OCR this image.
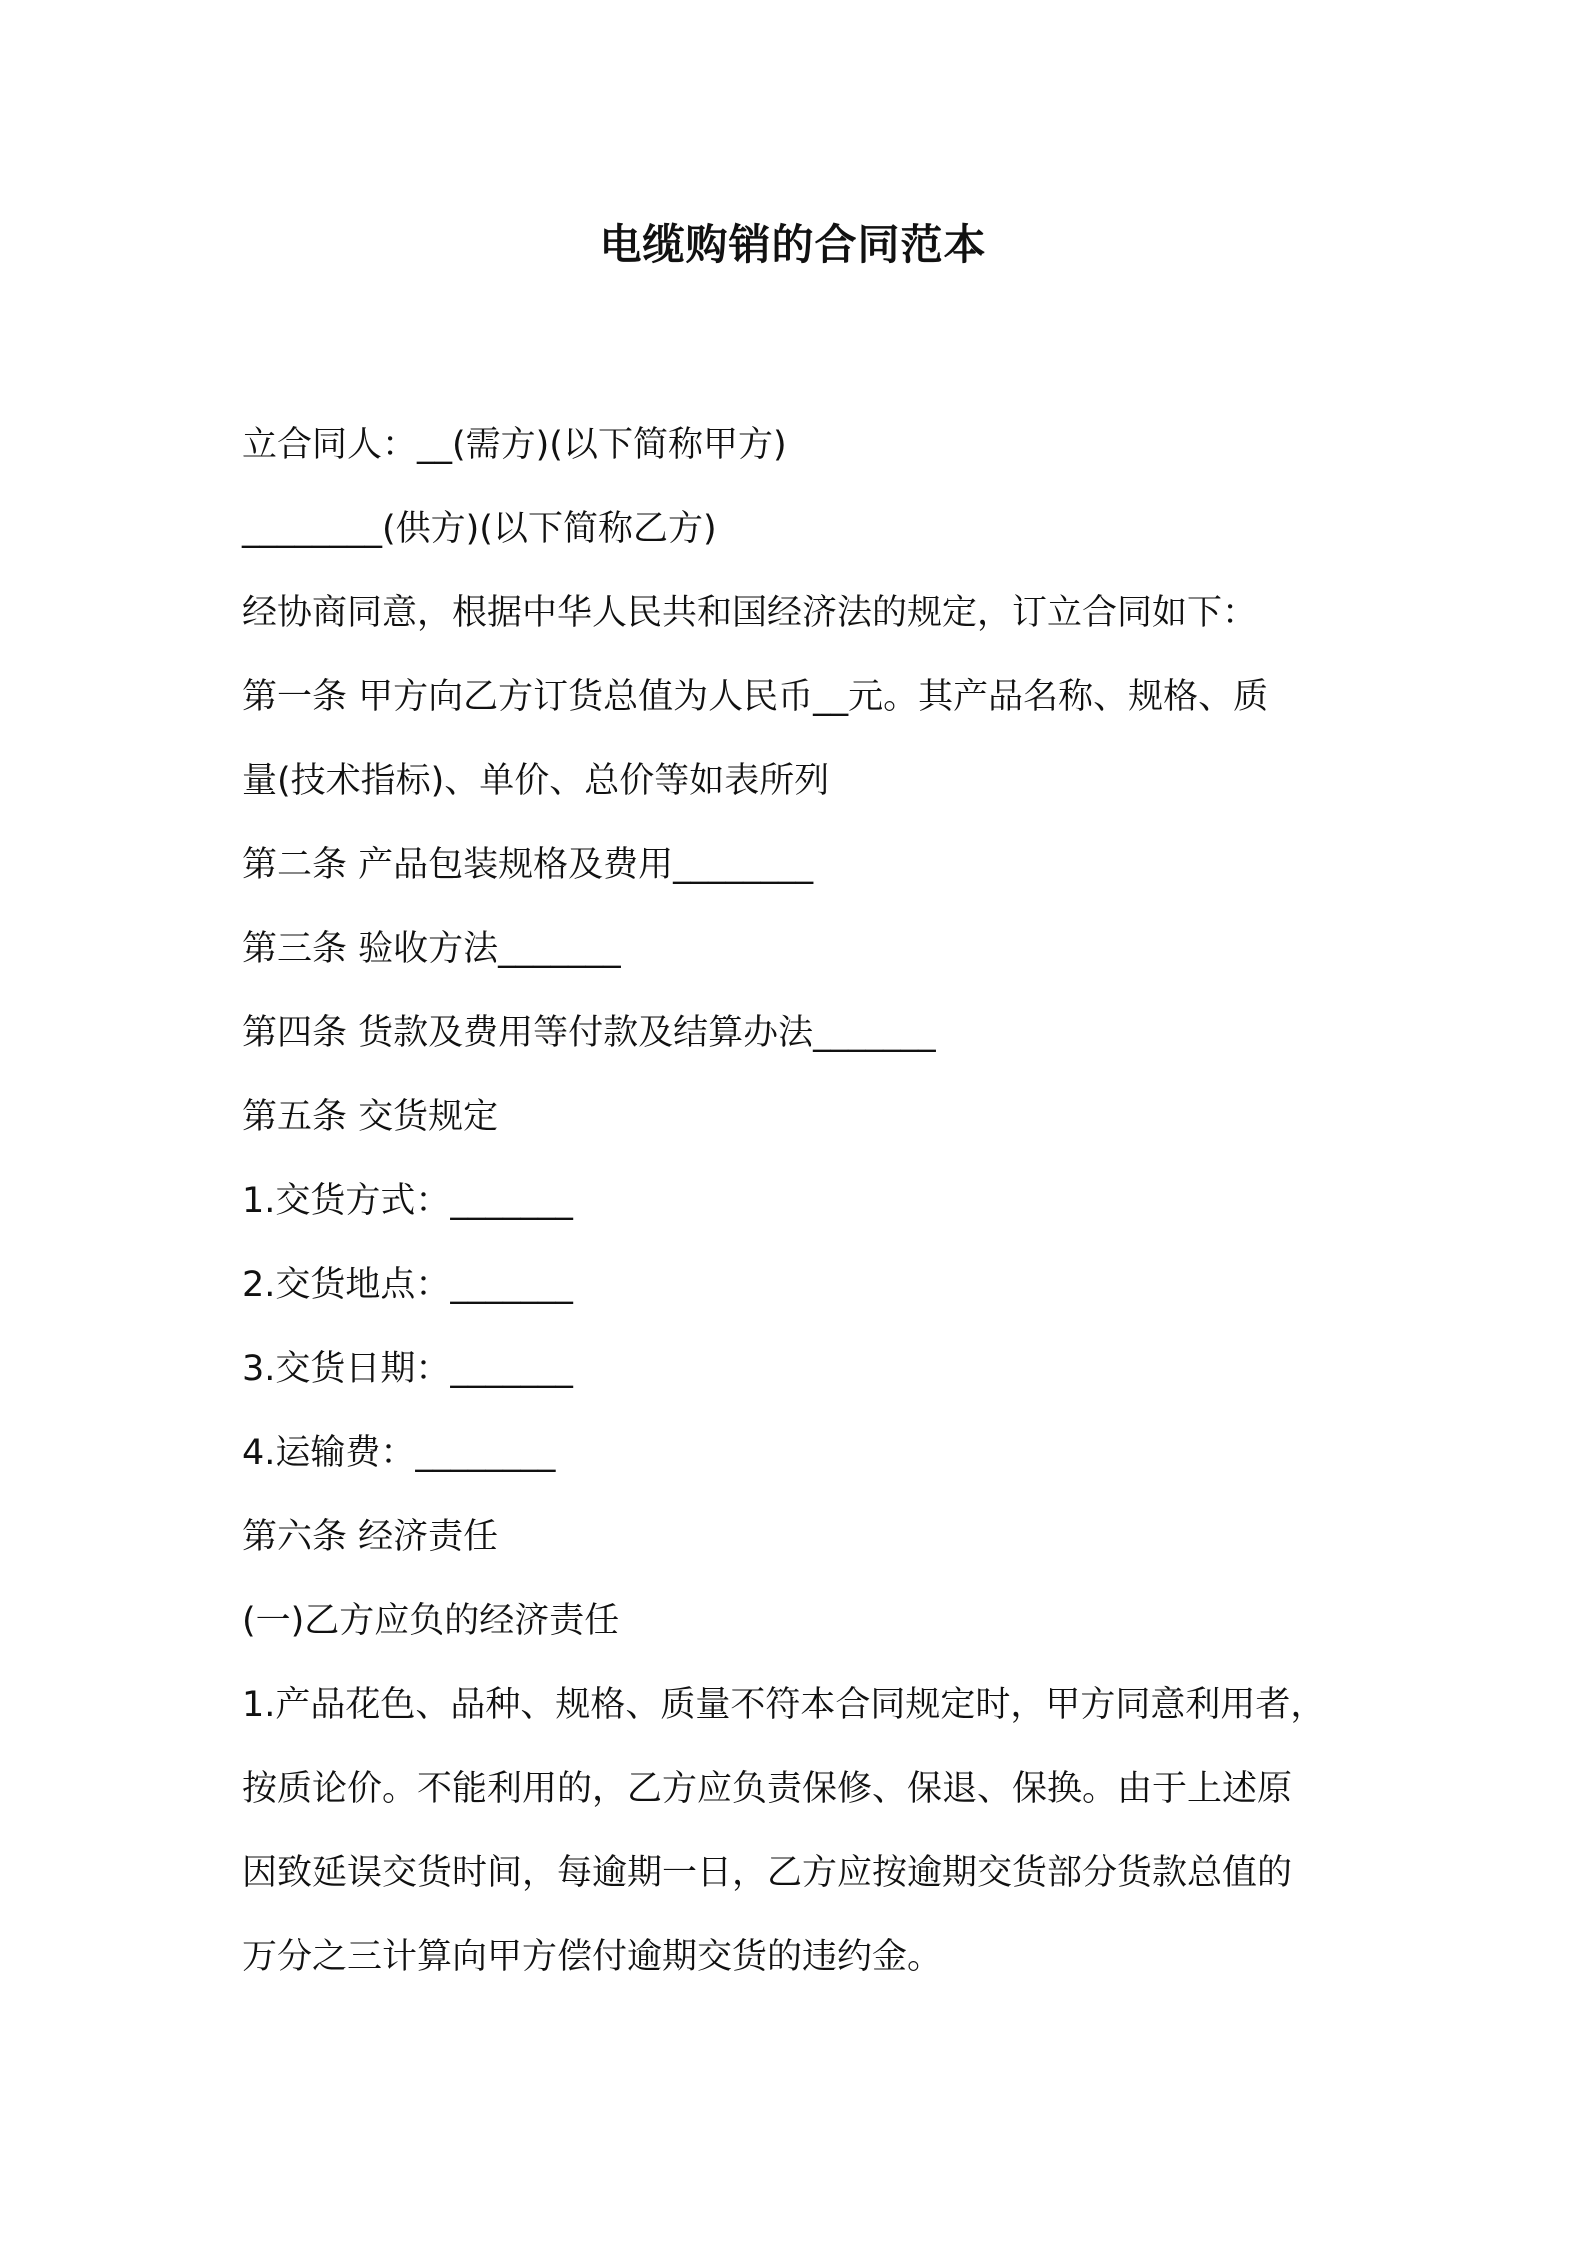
电缆购销的合同范本

立合同人：__(需方)(以下简称甲方)

________(供方)(以下简称乙方)

经协商同意，根据中华人民共和国经济法的规定，订立合同如下：

第一条 甲方向乙方订货总值为人民币__元。其产品名称、规格、质

量(技术指标)、单价、总价等如表所列

第二条 产品包装规格及费用________

第三条 验收方法_______

第四条 货款及费用等付款及结算办法_______

第五条 交货规定

1.交货方式：_______

2.交货地点：_______

3.交货日期：_______

4.运输费：________

第六条 经济责任

(一)乙方应负的经济责任

1.产品花色、品种、规格、质量不符本合同规定时，甲方同意利用者，

按质论价。不能利用的，乙方应负责保修、保退、保换。由于上述原

因致延误交货时间，每逾期一日，乙方应按逾期交货部分货款总值的

万分之三计算向甲方偿付逾期交货的违约金。
